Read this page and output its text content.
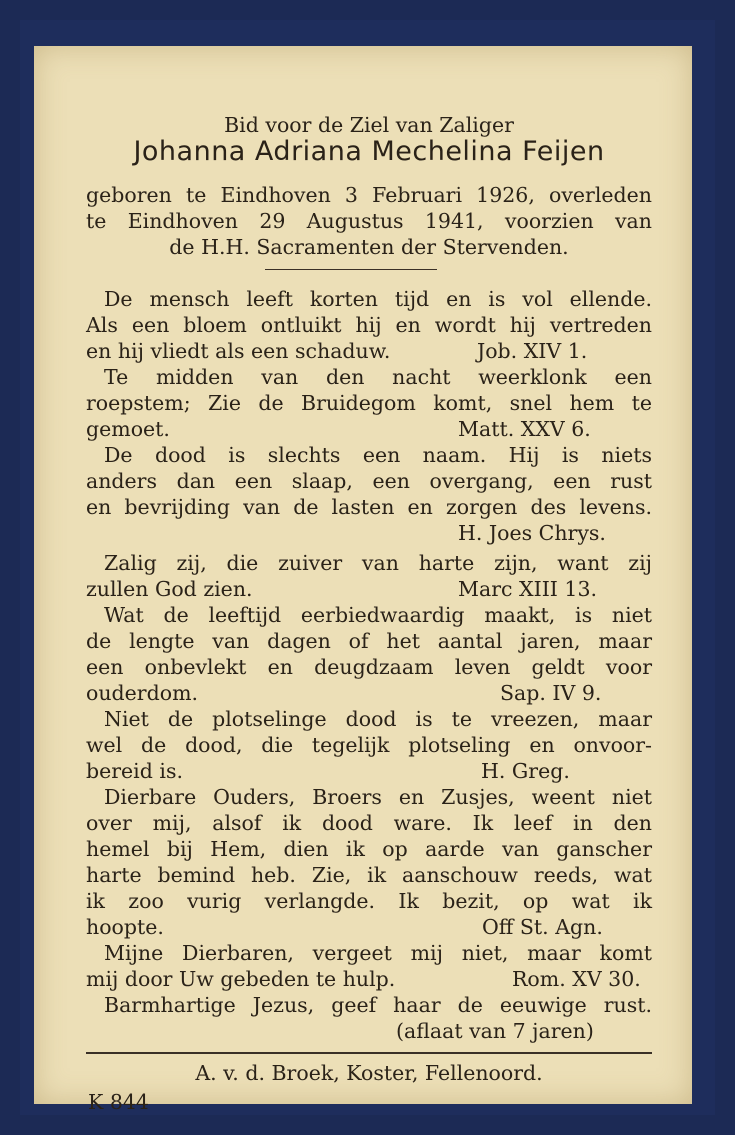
Bid voor de Ziel van Zaliger
Johanna Adriana Mechelina Feijen
geboren te Eindhoven 3 Februari 1926, overleden
te Eindhoven 29 Augustus 1941, voorzien van
de H.H. Sacramenten der Stervenden.
De mensch leeft korten tijd en is vol ellende.
Als een bloem ontluikt hij en wordt hij vertreden
en hij vliedt als een schaduw.	Job. XIV 1.
Te midden van den nacht weerklonk een
roepstem; Zie de Bruidegom komt, snel hem te
gemoet.	Matt. XXV 6.
De dood is slechts een naam. Hij is niets
anders dan een slaap, een overgang, een rust
en bevrijding van de lasten en zorgen des levens.
H. Joes Chrys.
Zalig zij, die zuiver van harte zijn, want zij
zullen God zien.	Marc XIII 13.
Wat de leeftijd eerbiedwaardig maakt, is niet
de lengte van dagen of het aantal jaren, maar
een onbevlekt en deugdzaam leven geldt voor
ouderdom.	Sap. IV 9.
Niet de plotselinge dood is te vreezen, maar
wel de dood, die tegelijk plotseling en onvoor-
bereid is.	H. Greg.
Dierbare Ouders, Broers en Zusjes, weent niet
over mij, alsof ik dood ware. Ik leef in den
hemel bij Hem, dien ik op aarde van ganscher
harte bemind heb. Zie, ik aanschouw reeds, wat
ik zoo vurig verlangde. Ik bezit, op wat ik
hoopte.	Off St. Agn.
Mijne Dierbaren, vergeet mij niet, maar komt
mij door Uw gebeden te hulp.	Rom. XV 30.
Barmhartige Jezus, geef haar de eeuwige rust.
(aflaat van 7 jaren)
A. v. d. Broek, Koster, Fellenoord.
K 844
